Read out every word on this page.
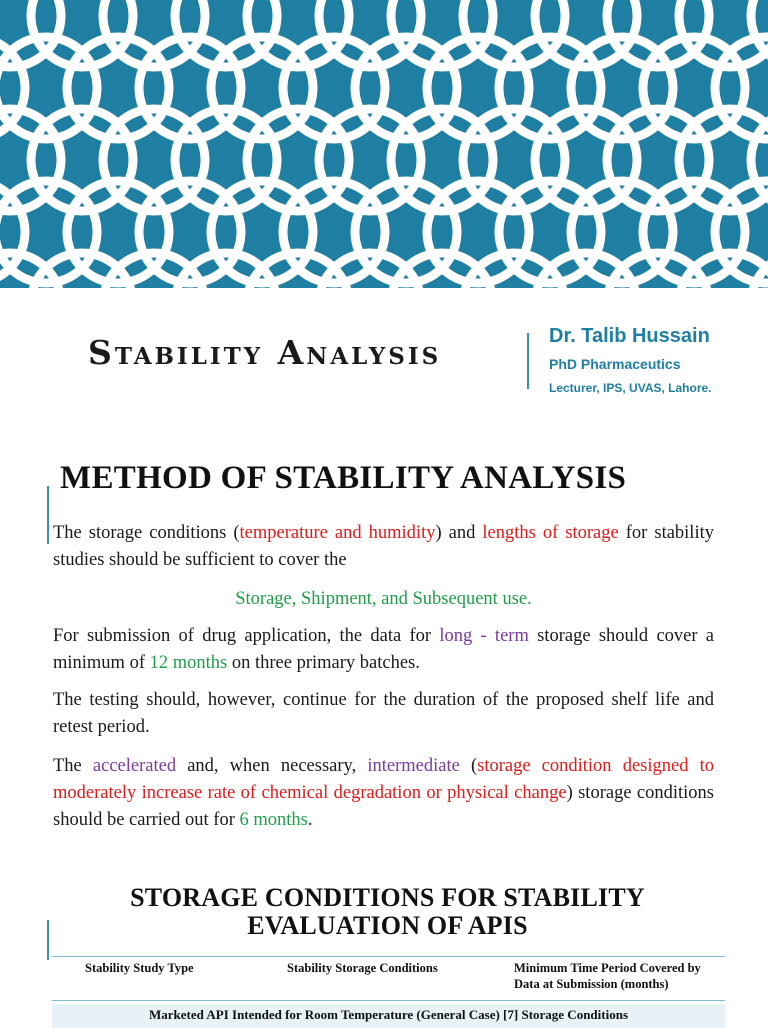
Stability Analysis	Dr. Talib Hussain
PhD Pharmaceutics
Lecturer, IPS, UVAS, Lahore.
METHOD OF STABILITY ANALYSIS

The storage conditions (temperature and humidity) and lengths of storage for stability studies should be sufficient to cover the

Storage, Shipment, and Subsequent use.

For submission of drug application, the data for long - term storage should cover a minimum of 12 months on three primary batches.

The testing should, however, continue for the duration of the proposed shelf life and retest period.

The accelerated and, when necessary, intermediate (storage condition designed to moderately increase rate of chemical degradation or physical change) storage conditions should be carried out for 6 months.

STORAGE CONDITIONS FOR STABILITY EVALUATION OF APIS
Stability Study Type	Stability Storage Conditions	Minimum Time Period Covered by Data at Submission (months)
Marketed API Intended for Room Temperature (General Case) [7] Storage Conditions
